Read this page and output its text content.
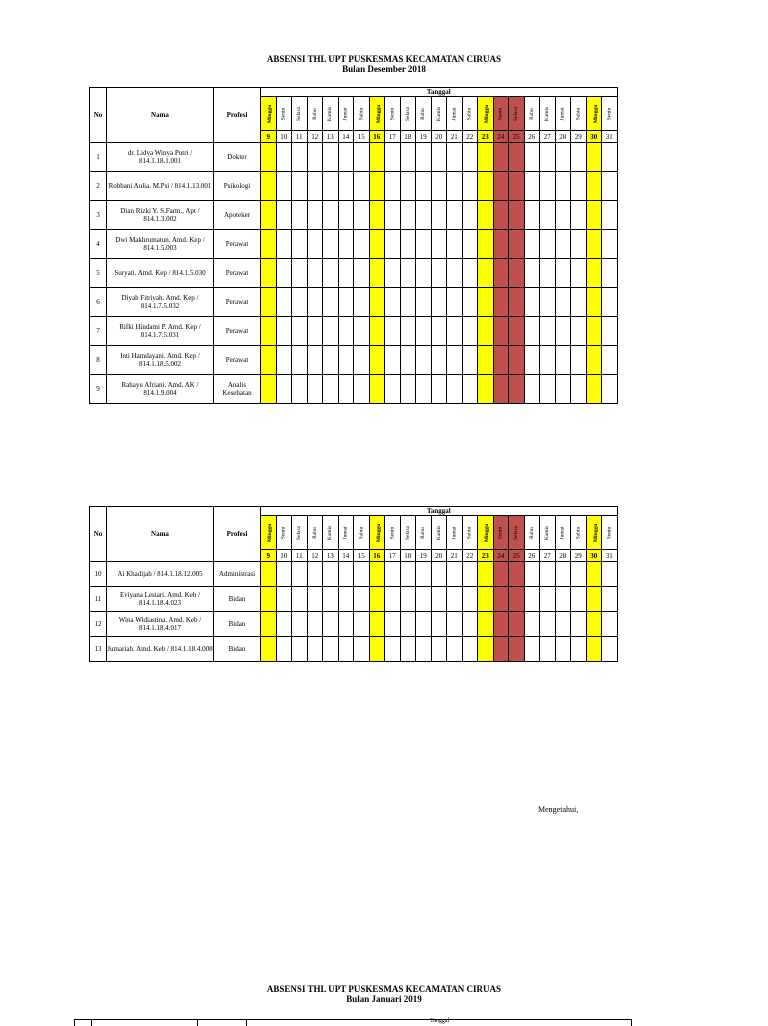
ABSENSI THL UPT PUSKESMAS KECAMATAN CIRUAS
Bulan Desember 2018
No	Nama	Profesi	Tanggal																						
			Minggu	Senin	Selasa	Rabu	Kamis	Jumat	Sabtu	Minggu	Senin	Selasa	Rabu	Kamis	Jumat	Sabtu	Minggu	Senin	Selasa	Rabu	Kamis	Jumat	Sabtu	Minggu	Senin
			9	10	11	12	13	14	15	16	17	18	19	20	21	22	23	24	25	26	27	28	29	30	31
1	dr. Lidya Winya Putri / 814.1.18.1.001	Dokter																							
2	Robbani Aulia. M.Psi / 814.1.13.001	Psikologi																							
3	Dian Rizki Y. S.Farm., Apt / 814.1.3.002	Apoteker																							
4	Dwi Makhrumatun. Amd. Kep / 814.1.5.003	Perawat																							
5	Suryati. Amd. Kep / 814.1.5.030	Perawat																							
6	Diyah Fitriyah. Amd. Kep / 814.1.7.5.032	Perawat																							
7	Rifki Hindami P. Amd. Kep / 814.1.7.5.031	Perawat																							
8	Inti Hamdayani. Amd. Kep / 814.1.18.5.002	Perawat																							
9	Rahayu Afriani. Amd. AK / 814.1.9.004	Analis Kesehatan																							
No	Nama	Profesi	Tanggal																						
			Minggu	Senin	Selasa	Rabu	Kamis	Jumat	Sabtu	Minggu	Senin	Selasa	Rabu	Kamis	Jumat	Sabtu	Minggu	Senin	Selasa	Rabu	Kamis	Jumat	Sabtu	Minggu	Senin
			9	10	11	12	13	14	15	16	17	18	19	20	21	22	23	24	25	26	27	28	29	30	31
10	Ai Khadijah / 814.1.18.12.005	Administrasi																							
11	Eviyana Lestari. Amd. Keb / 814.1.18.4.023	Bidan																							
12	Wina Widiastina. Amd. Keb / 814.1.18.4.017	Bidan																							
13	Jumariah. Amd. Keb / 814.1.18.4.008	Bidan																							
Mengetahui,
ABSENSI THL UPT PUSKESMAS KECAMATAN CIRUAS
Bulan Januari 2019
Tanggal
